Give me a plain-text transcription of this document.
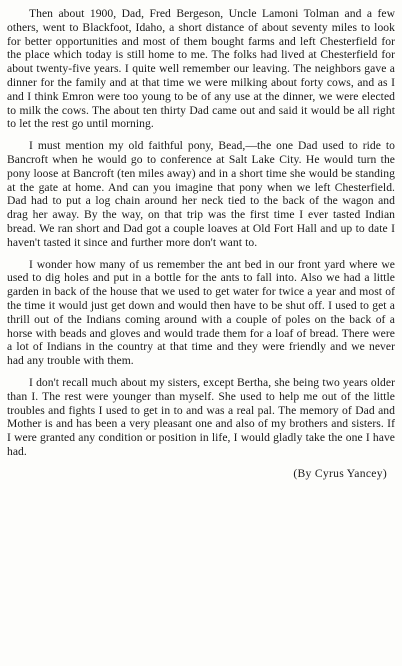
Then about 1900, Dad, Fred Bergeson, Uncle Lamoni Tolman and a few others, went to Blackfoot, Idaho, a short distance of about seventy miles to look for better opportunities and most of them bought farms and left Chesterfield for the place which today is still home to me. The folks had lived at Chesterfield for about twenty-five years. I quite well remember our leaving. The neighbors gave a dinner for the family and at that time we were milking about forty cows, and as I and I think Emron were too young to be of any use at the dinner, we were elected to milk the cows. The about ten thirty Dad came out and said it would be all right to let the rest go until morning.

I must mention my old faithful pony, Bead,—the one Dad used to ride to Bancroft when he would go to conference at Salt Lake City. He would turn the pony loose at Bancroft (ten miles away) and in a short time she would be standing at the gate at home. And can you imagine that pony when we left Chesterfield. Dad had to put a log chain around her neck tied to the back of the wagon and drag her away. By the way, on that trip was the first time I ever tasted Indian bread. We ran short and Dad got a couple loaves at Old Fort Hall and up to date I haven't tasted it since and further more don't want to.

I wonder how many of us remember the ant bed in our front yard where we used to dig holes and put in a bottle for the ants to fall into. Also we had a little garden in back of the house that we used to get water for twice a year and most of the time it would just get down and would then have to be shut off. I used to get a thrill out of the Indians coming around with a couple of poles on the back of a horse with beads and gloves and would trade them for a loaf of bread. There were a lot of Indians in the country at that time and they were friendly and we never had any trouble with them.

I don't recall much about my sisters, except Bertha, she being two years older than I. The rest were younger than myself. She used to help me out of the little troubles and fights I used to get in to and was a real pal. The memory of Dad and Mother is and has been a very pleasant one and also of my brothers and sisters. If I were granted any condition or position in life, I would gladly take the one I have had.

(By Cyrus Yancey)
